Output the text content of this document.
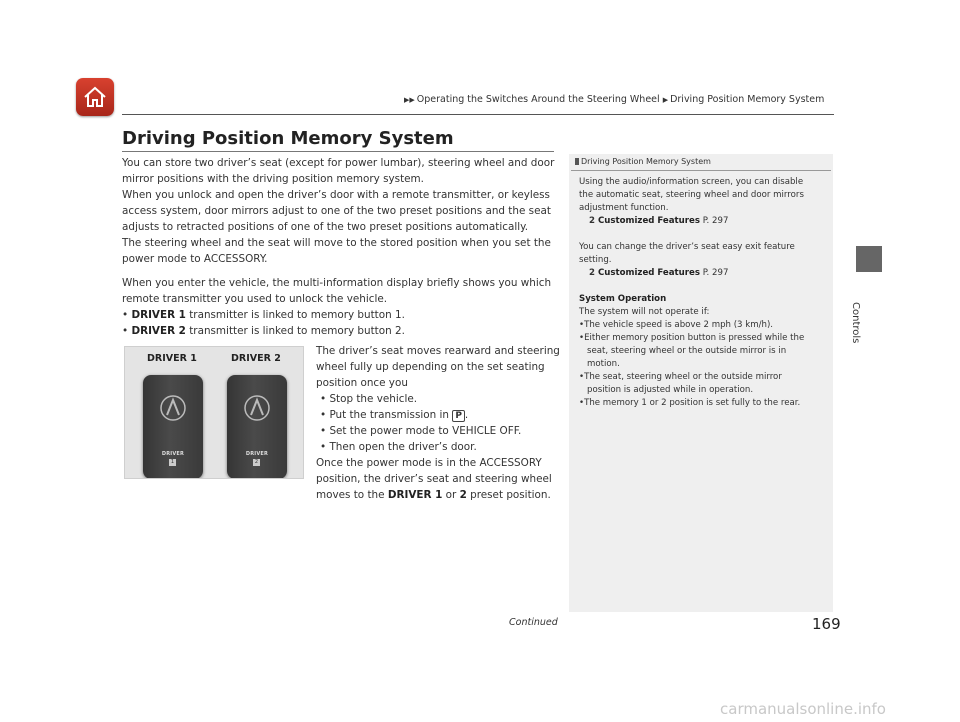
▶▶ Operating the Switches Around the Steering Wheel ▶ Driving Position Memory System
Driving Position Memory System

You can store two driver’s seat (except for power lumbar), steering wheel and door

mirror positions with the driving position memory system.

When you unlock and open the driver’s door with a remote transmitter, or keyless

access system, door mirrors adjust to one of the two preset positions and the seat

adjusts to retracted positions of one of the two preset positions automatically.

The steering wheel and the seat will move to the stored position when you set the

power mode to ACCESSORY.

When you enter the vehicle, the multi-information display briefly shows you which

remote transmitter you used to unlock the vehicle.

• DRIVER 1 transmitter is linked to memory button 1.

• DRIVER 2 transmitter is linked to memory button 2.

DRIVER 1	DRIVER 2
DRIVER
1
DRIVER
2

The driver’s seat moves rearward and steering

wheel fully up depending on the set seating

position once you

• Stop the vehicle.

• Put the transmission in P .

• Set the power mode to VEHICLE OFF.

• Then open the driver’s door.

Once the power mode is in the ACCESSORY

position, the driver’s seat and steering wheel

moves to the DRIVER 1 or 2 preset position.

Driving Position Memory System

Using the audio/information screen, you can disable

the automatic seat, steering wheel and door mirrors

adjustment function.

2 Customized Features P. 297

You can change the driver’s seat easy exit feature

setting.

2 Customized Features P. 297

System Operation

The system will not operate if:

•The vehicle speed is above 2 mph (3 km/h).

•Either memory position button is pressed while the

seat, steering wheel or the outside mirror is in

motion.

•The seat, steering wheel or the outside mirror

position is adjusted while in operation.

•The memory 1 or 2 position is set fully to the rear.

Controls
Continued	169
carmanualsonline.info
